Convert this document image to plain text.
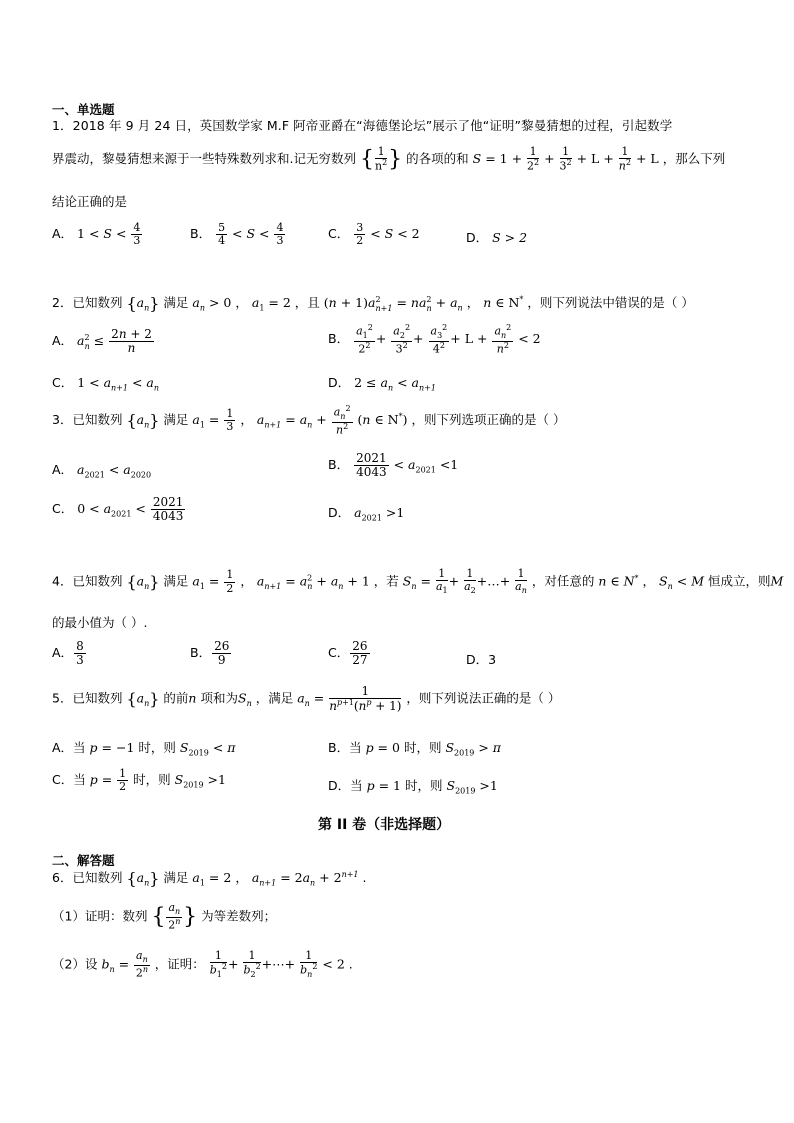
一、单选题
1．2018 年 9 月 24 日，英国数学家 M.F 阿帝亚爵在“海德堡论坛”展示了他“证明”黎曼猜想的过程，引起数学
界震动，黎曼猜想来源于一些特殊数列求和.记无穷数列 { $\frac{1}{n^2}$ } 的各项的和 $S = 1 + \frac{1}{2^2} + \frac{1}{3^2} + L + \frac{1}{n^2} + L$ ，那么下列
结论正确的是
A． $1 < S < \frac{4}{3}$	B． $\frac{5}{4} < S < \frac{4}{3}$	C． $\frac{3}{2} < S < 2$	D． S > 2
2．已知数列 $\{a_n\}$ 满足 $a_n > 0$ ， $a_1 = 2$ ，且 $(n + 1)a^2_{n+1} = na^2_n + a_n$ ， n ∈ N* ，则下列说法中错误的是（ ）
A． $a^2_n \le \frac{2n + 2}{n}$	B． $\frac{a_1^2}{2^2} + \frac{a_2^2}{3^2} + \frac{a_3^2}{4^2} + L + \frac{a_n^2}{n^2} < 2$
C． $1 < a_{n+1} < a_n$	D． $2 \le a_n < a_{n+1}$
3．已知数列 $\{a_n\}$ 满足 $a_1 = \frac{1}{3}$ ， $a_{n+1} = a_n + \frac{a_n^2}{n^2} (n$ ∈ N*) ，则下列选项正确的是（ ）
A． $a_{2021} < a_{2020}$
B． $\frac{2021}{4043} < a_{2021} <1$
C． $0 < a_{2021} < \frac{2021}{4043}$	D． $a_{2021} >1$
4．已知数列 $\{a_n\}$ 满足 $a_1 = \frac{1}{2}$ ， $a_{n+1} = a^2_n + a_n + 1$ ，若 $S_n = \frac{1}{a_1} + \frac{1}{a_2}$ +…+ $\frac{1}{a_n}$ ，对任意的 n ∈ N* ， $S_n < M$ 恒成立，则M
的最小值为（ ）.
A． $\frac{8}{3}$	B． $\frac{26}{9}$	C． $\frac{26}{27}$	D．3
5．已知数列 $\{a_n\}$ 的前n 项和为$S_n$ ，满足 $a_n = \frac{1}{n^{p+1}(n^p + 1)}$ ，则下列说法正确的是（ ）
A．当 p = −1 时，则 $S_{2019} < \pi$	B．当 p = 0 时，则 $S_{2019} > \pi$
C．当 $p = \frac{1}{2}$ 时，则 $S_{2019} >1$	D．当 p = 1 时，则 $S_{2019} >1$
第 II 卷（非选择题）
二、解答题
6．已知数列 $\{a_n\}$ 满足 $a_1 = 2$ ， $a_{n+1} = 2a_n + 2^{n+1}$ .
（1）证明：数列 { $\frac{a_n}{2^n}$ } 为等差数列；
（2）设 $b_n = \frac{a_n}{2^n}$ ，证明： $\frac{1}{b_1^2} + \frac{1}{b_2^2}$ +⋯+ $\frac{1}{b_n^2} < 2$ .
